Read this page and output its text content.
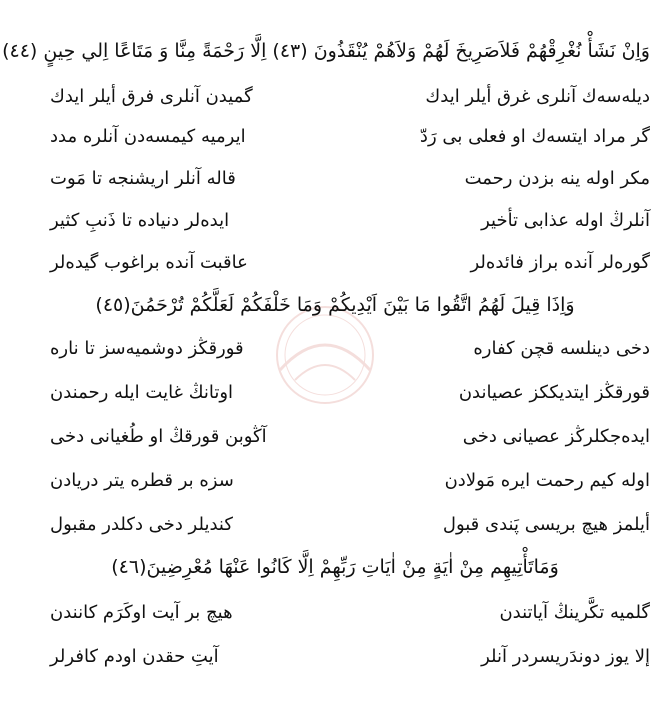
وَاِنْ نَشَأْ نُغْرِقْهُمْ فَلاَصَرِيخَ لَهُمْ وَلاَهُمْ يُنْقَذُونَ (٤٣) اِلَّا رَحْمَةً مِنَّا وَ مَتَاعًا اِلي حِينٍ (٤٤)
ديلەسەك آنلرى غرق أيلر ايدك
گميدن آنلرى فرق أيلر ايدك
گر مراد ايتسەك او فعلى بى رَدّ
ايرميه كيمسەدن آنلره مدد
مكر اوله ينه بزدن رحمت
قالە آنلر اريشنجه تا مَوت
آنلرڭ اوله عذابى تأخير
ايدەلر دنياده تا ذَنبِ كثير
گورەلر آنده براز فائدەلر
عاقبت آنده براغوب گيدەلر
وَاِذَا قِيلَ لَهُمُ اتَّقُوا مَا بَيْنَ اَيْدِيكُمْ وَمَا خَلْفَكُمْ لَعَلَّكُمْ تُرْحَمُنَ(٤٥)
دخى دينلسه قچن كفاره
قورقڭز دوشميەسز تا ناره
قورقڭز ايتديككز عصياندن
اوتانڭ غايت ايله رحمندن
ايدەجكلرڭز عصيانى دخى
آڭوبن قورقڭ او طُغيانى دخى
اوله كيم رحمت ايره مَولادن
سزه بر قطره يتر دريادن
أيلمز هيچ بريسى پَندى قبول
كنديلر دخى دكلدر مقبول
وَمَاتَأْتِيهِم مِنْ اٰيَةٍ مِنْ اٰيَاتِ رَبِّهِمْ اِلَّا كَانُوا عَنْهَا مُعْرِضِينَ(٤٦)
گلميه تكَّرينڭ آياتندن
هيچ بر آيت اوكَرَم كانندن
إلا يوز دوندَريسردر آنلر
آيتِ حقدن اودم كافرلر
